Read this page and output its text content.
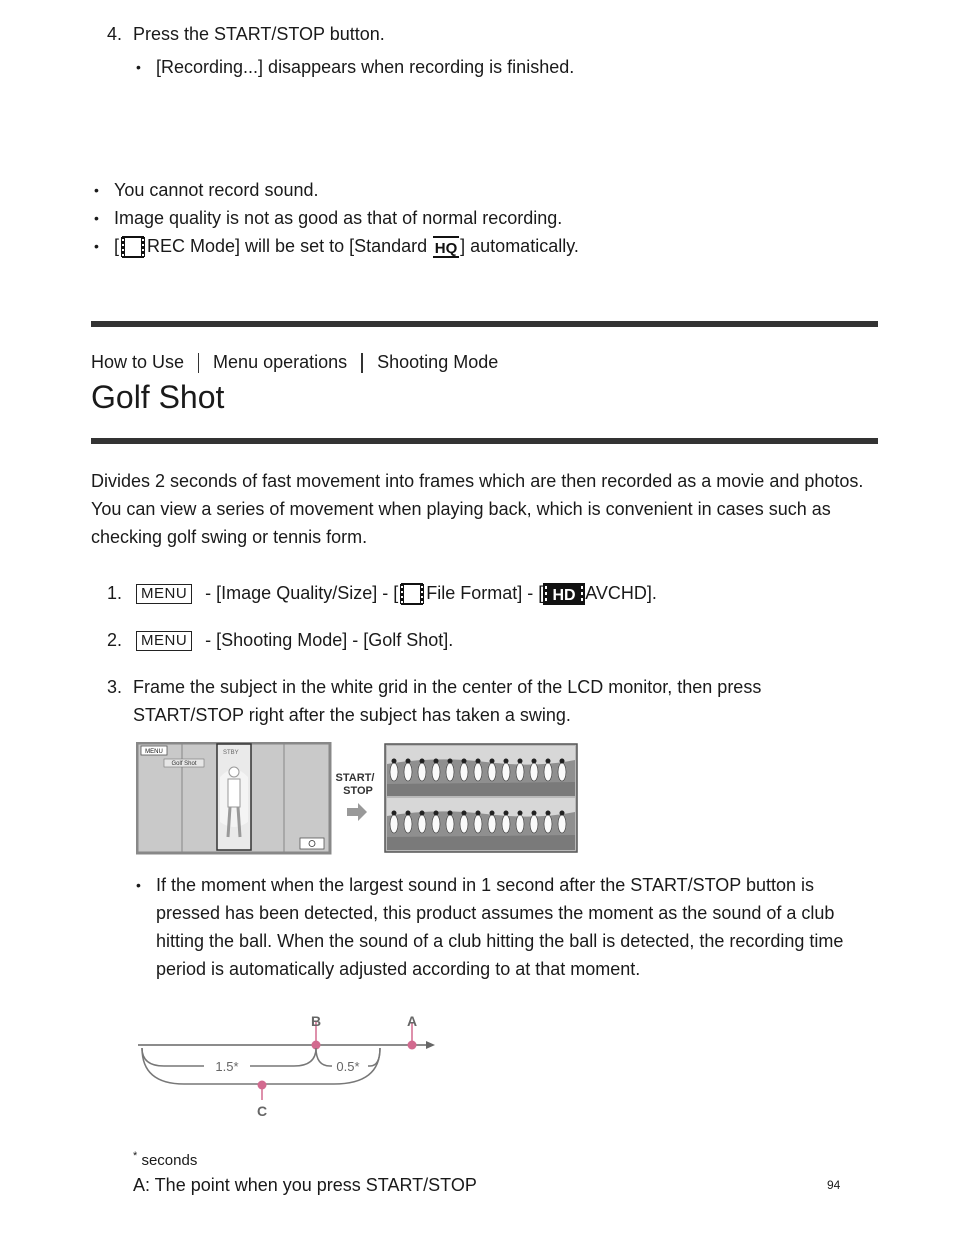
4. Press the START/STOP button.
• [Recording...] disappears when recording is finished.
• You cannot record sound.
• Image quality is not as good as that of normal recording.
• [ REC Mode] will be set to [Standard HQ ] automatically.
How to Use Menu operations Shooting Mode
Golf Shot
Divides 2 seconds of fast movement into frames which are then recorded as a movie and photos. You can view a series of movement when playing back, which is convenient in cases such as checking golf swing or tennis form.
1.	MENU - [Image Quality/Size] - [ File Format] - [ HD AVCHD].
2.	MENU - [Shooting Mode] - [Golf Shot].
3. Frame the subject in the white grid in the center of the LCD monitor, then press
START/STOP right after the subject has taken a swing.
MENU
Golf Shot
STBY
START/
STOP
• If the moment when the largest sound in 1 second after the START/STOP button is
pressed has been detected, this product assumes the moment as the sound of a club
hitting the ball. When the sound of a club hitting the ball is detected, the recording time
period is automatically adjusted according to at that moment.
B	A
1.5*	0.5*
C
* seconds
A: The point when you press START/STOP	94
